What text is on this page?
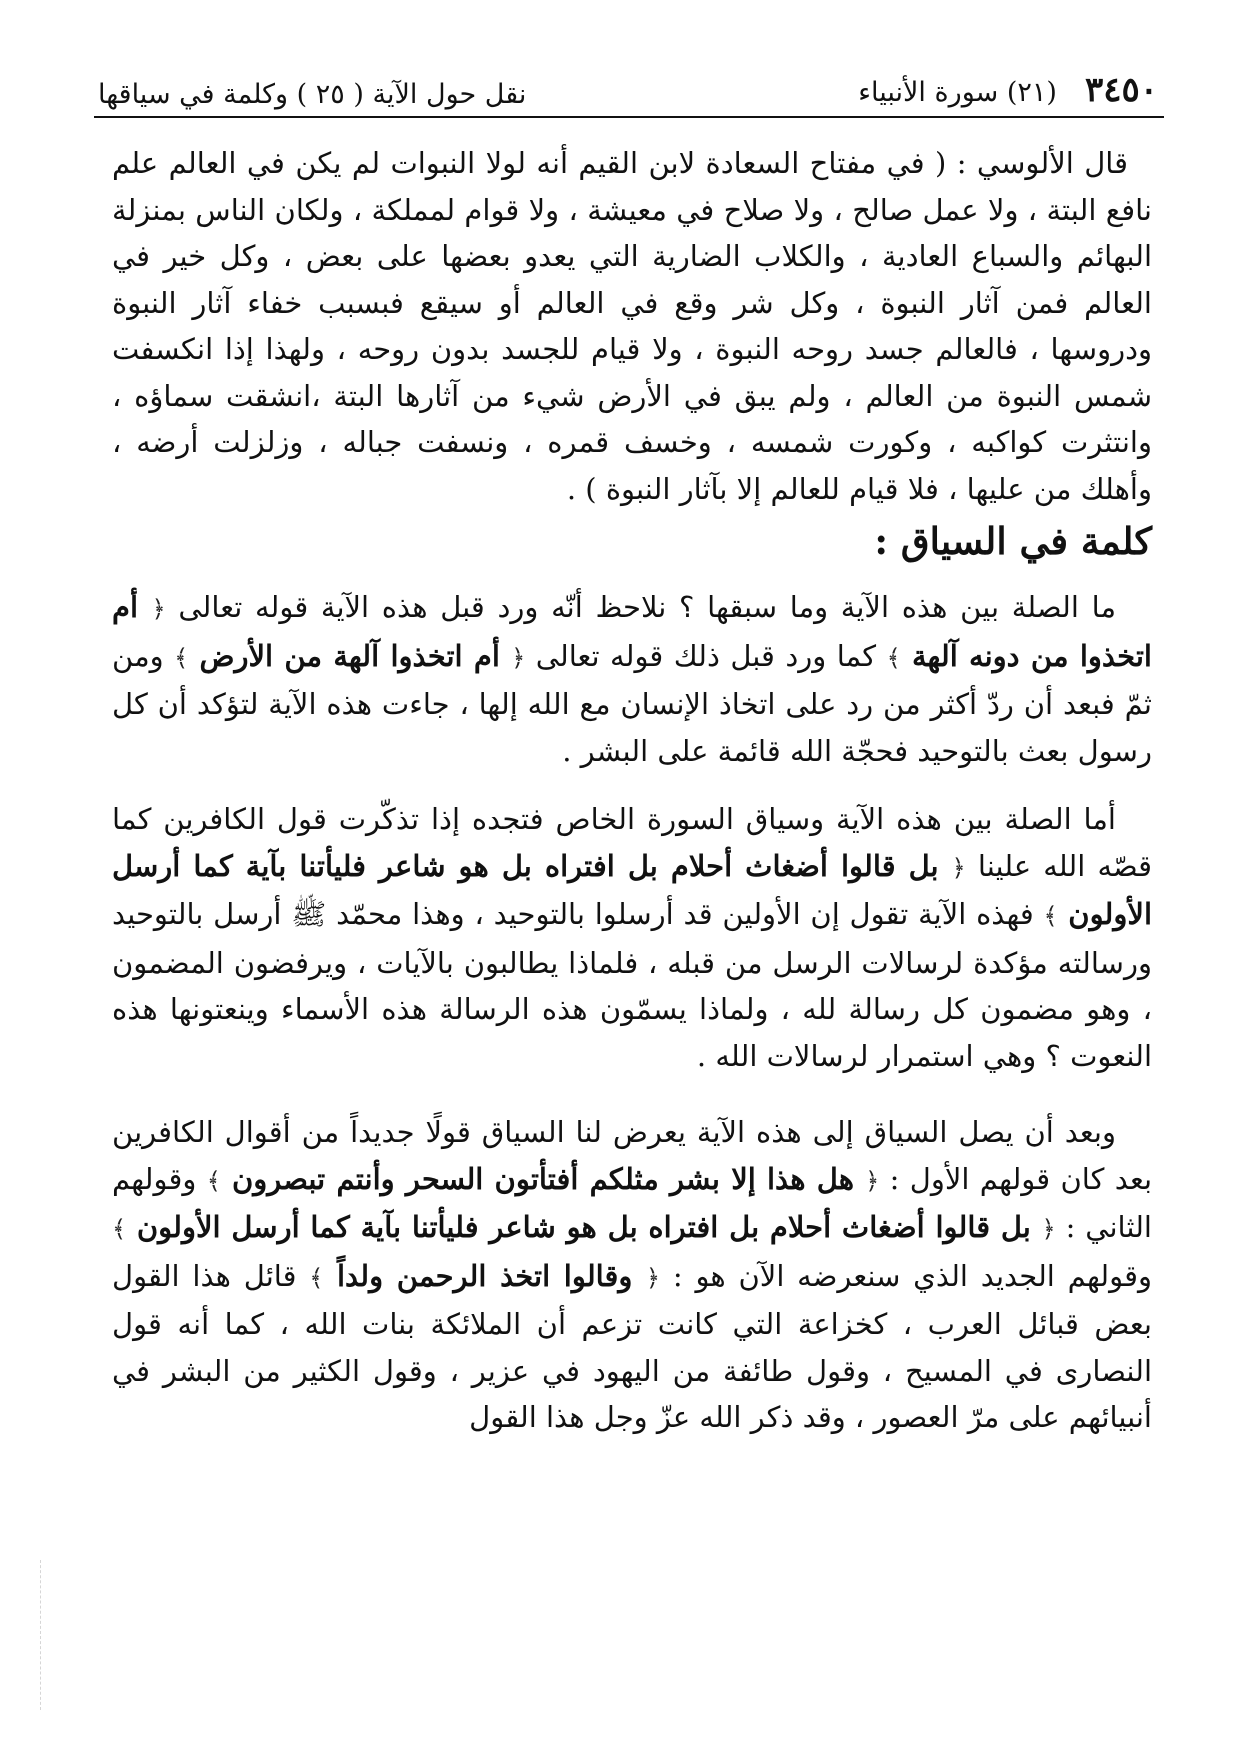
٣٤٥٠
(٢١) سورة الأنبياء
نقل حول الآية ( ٢٥ ) وكلمة في سياقها

قال الألوسي : ( في مفتاح السعادة لابن القيم أنه لولا النبوات لم يكن في العالم علم نافع البتة ، ولا عمل صالح ، ولا صلاح في معيشة ، ولا قوام لمملكة ، ولكان الناس بمنزلة البهائم والسباع العادية ، والكلاب الضارية التي يعدو بعضها على بعض ، وكل خير في العالم فمن آثار النبوة ، وكل شر وقع في العالم أو سيقع فبسبب خفاء آثار النبوة ودروسها ، فالعالم جسد روحه النبوة ، ولا قيام للجسد بدون روحه ، ولهذا إذا انكسفت شمس النبوة من العالم ، ولم يبق في الأرض شيء من آثارها البتة ،انشقت سماؤه ، وانتثرت كواكبه ، وكورت شمسه ، وخسف قمره ، ونسفت جباله ، وزلزلت أرضه ، وأهلك من عليها ، فلا قيام للعالم إلا بآثار النبوة ) .

كلمة في السياق :

ما الصلة بين هذه الآية وما سبقها ؟ نلاحظ أنّه ورد قبل هذه الآية قوله تعالى ﴿ أم اتخذوا من دونه آلهة ﴾ كما ورد قبل ذلك قوله تعالى ﴿ أم اتخذوا آلهة من الأرض ﴾ ومن ثمّ فبعد أن ردّ أكثر من رد على اتخاذ الإنسان مع الله إلها ، جاءت هذه الآية لتؤكد أن كل رسول بعث بالتوحيد فحجّة الله قائمة على البشر .

أما الصلة بين هذه الآية وسياق السورة الخاص فتجده إذا تذكّرت قول الكافرين كما قصّه الله علينا ﴿ بل قالوا أضغاث أحلام بل افتراه بل هو شاعر فليأتنا بآية كما أرسل الأولون ﴾ فهذه الآية تقول إن الأولين قد أرسلوا بالتوحيد ، وهذا محمّد ﷺ أرسل بالتوحيد ورسالته مؤكدة لرسالات الرسل من قبله ، فلماذا يطالبون بالآيات ، ويرفضون المضمون ، وهو مضمون كل رسالة لله ، ولماذا يسمّون هذه الرسالة هذه الأسماء وينعتونها هذه النعوت ؟ وهي استمرار لرسالات الله .

وبعد أن يصل السياق إلى هذه الآية يعرض لنا السياق قولًا جديداً من أقوال الكافرين بعد كان قولهم الأول : ﴿ هل هذا إلا بشر مثلكم أفتأتون السحر وأنتم تبصرون ﴾ وقولهم الثاني : ﴿ بل قالوا أضغاث أحلام بل افتراه بل هو شاعر فليأتنا بآية كما أرسل الأولون ﴾ وقولهم الجديد الذي سنعرضه الآن هو : ﴿ وقالوا اتخذ الرحمن ولداً ﴾ قائل هذا القول بعض قبائل العرب ، كخزاعة التي كانت تزعم أن الملائكة بنات الله ، كما أنه قول النصارى في المسيح ، وقول طائفة من اليهود في عزير ، وقول الكثير من البشر في أنبيائهم على مرّ العصور ، وقد ذكر الله عزّ وجل هذا القول
